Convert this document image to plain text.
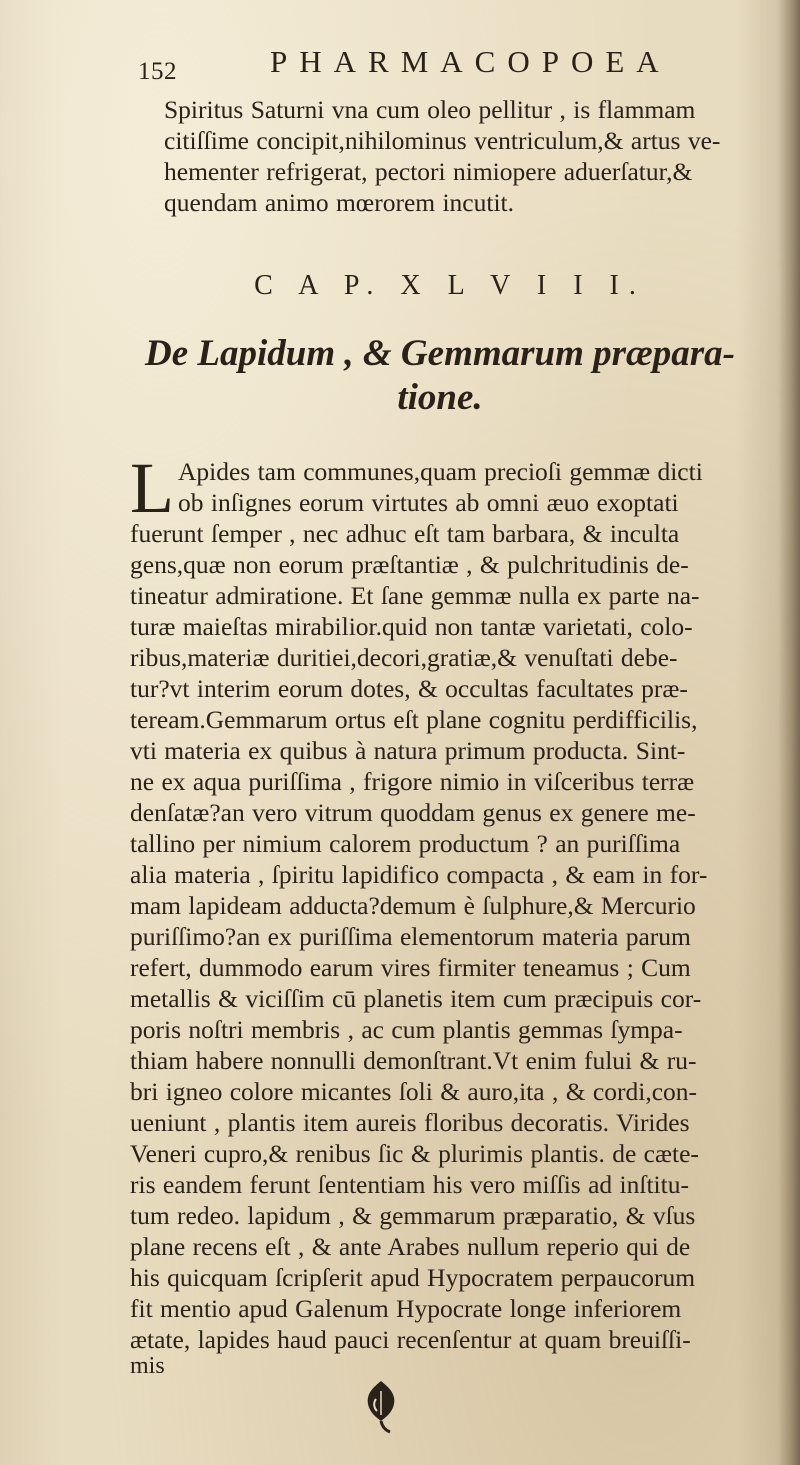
152	PHARMACOPOEA
Spiritus Saturni vna cum oleo pellitur , is flammam
citiſſime concipit,nihilominus ventriculum,& artus ve-
hementer refrigerat, pectori nimiopere aduerſatur,&
quendam animo mœrorem incutit.
C A P. X L V I I I.
De Lapidum , & Gemmarum præpara-
tione.
L Apides tam communes,quam precioſi gemmæ dicti
ob inſignes eorum virtutes ab omni æuo exoptati
fuerunt ſemper , nec adhuc eſt tam barbara, & inculta
gens,quæ non eorum præſtantiæ , & pulchritudinis de-
tineatur admiratione. Et ſane gemmæ nulla ex parte na-
turæ maieſtas mirabilior.quid non tantæ varietati, colo-
ribus,materiæ duritiei,decori,gratiæ,& venuſtati debe-
tur?vt interim eorum dotes, & occultas facultates præ-
teream.Gemmarum ortus eſt plane cognitu perdifficilis,
vti materia ex quibus à natura primum producta. Sint-
ne ex aqua puriſſima , frigore nimio in viſceribus terræ
denſatæ?an vero vitrum quoddam genus ex genere me-
tallino per nimium calorem productum ? an puriſſima
alia materia , ſpiritu lapidifico compacta , & eam in for-
mam lapideam adducta?demum è ſulphure,& Mercurio
puriſſimo?an ex puriſſima elementorum materia parum
refert, dummodo earum vires firmiter teneamus ; Cum
metallis & viciſſim cū planetis item cum præcipuis cor-
poris noſtri membris , ac cum plantis gemmas ſympa-
thiam habere nonnulli demonſtrant.Vt enim fului & ru-
bri igneo colore micantes ſoli & auro,ita , & cordi,con-
ueniunt , plantis item aureis floribus decoratis. Virides
Veneri cupro,& renibus ſic & plurimis plantis. de cæte-
ris eandem ferunt ſententiam his vero miſſis ad inſtitu-
tum redeo. lapidum , & gemmarum præparatio, & vſus
plane recens eſt , & ante Arabes nullum reperio qui de
his quicquam ſcripſerit apud Hypocratem perpaucorum
fit mentio apud Galenum Hypocrate longe inferiorem
ætate, lapides haud pauci recenſentur at quam breuiſſi-
mis
